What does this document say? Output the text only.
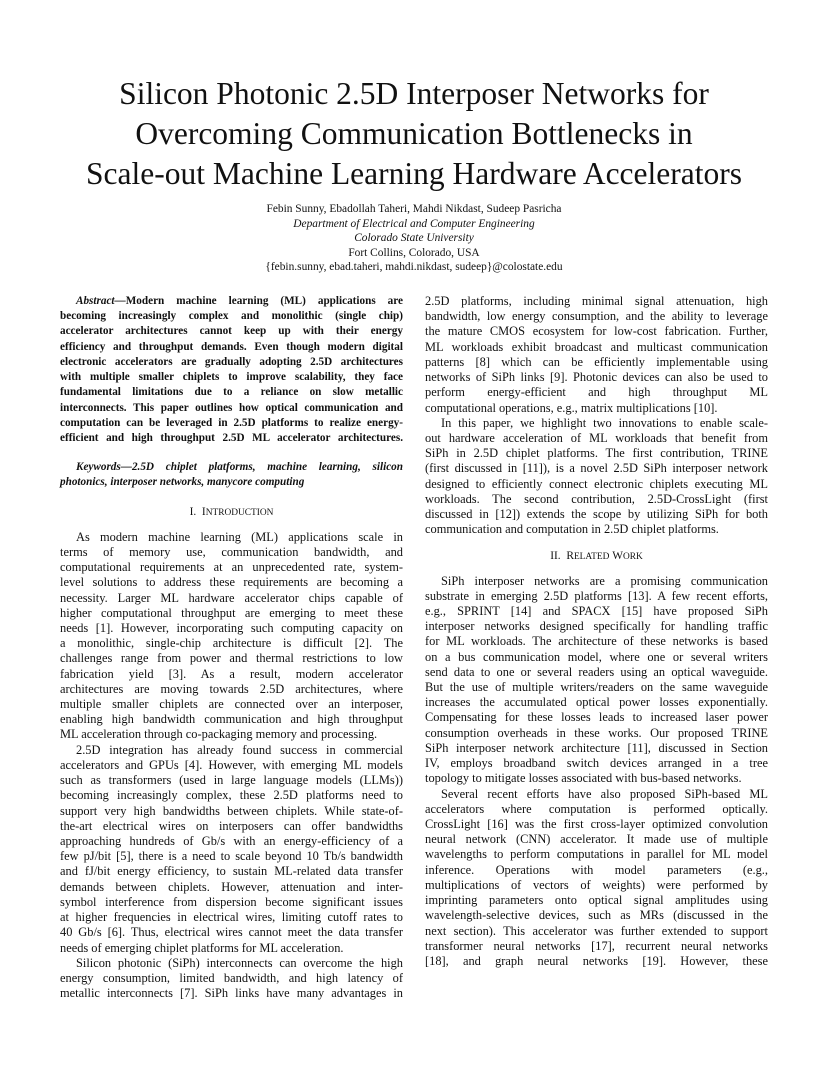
Silicon Photonic 2.5D Interposer Networks for
Overcoming Communication Bottlenecks in
Scale-out Machine Learning Hardware Accelerators
Febin Sunny, Ebadollah Taheri, Mahdi Nikdast, Sudeep Pasricha
Department of Electrical and Computer Engineering
Colorado State University
Fort Collins, Colorado, USA
{febin.sunny, ebad.taheri, mahdi.nikdast, sudeep}@colostate.edu
Abstract—Modern machine learning (ML) applications are
becoming increasingly complex and monolithic (single chip)
accelerator architectures cannot keep up with their energy
efficiency and throughput demands. Even though modern digital
electronic accelerators are gradually adopting 2.5D architectures
with multiple smaller chiplets to improve scalability, they face
fundamental limitations due to a reliance on slow metallic
interconnects. This paper outlines how optical communication and
computation can be leveraged in 2.5D platforms to realize energy-
efficient and high throughput 2.5D ML accelerator architectures.
Keywords—2.5D chiplet platforms, machine learning, silicon
photonics, interposer networks, manycore computing
I. INTRODUCTION
As modern machine learning (ML) applications scale in
terms of memory use, communication bandwidth, and
computational requirements at an unprecedented rate, system-
level solutions to address these requirements are becoming a
necessity. Larger ML hardware accelerator chips capable of
higher computational throughput are emerging to meet these
needs [1]. However, incorporating such computing capacity on
a monolithic, single-chip architecture is difficult [2]. The
challenges range from power and thermal restrictions to low
fabrication yield [3]. As a result, modern accelerator
architectures are moving towards 2.5D architectures, where
multiple smaller chiplets are connected over an interposer,
enabling high bandwidth communication and high throughput
ML acceleration through co-packaging memory and processing.
2.5D integration has already found success in commercial
accelerators and GPUs [4]. However, with emerging ML models
such as transformers (used in large language models (LLMs))
becoming increasingly complex, these 2.5D platforms need to
support very high bandwidths between chiplets. While state-of-
the-art electrical wires on interposers can offer bandwidths
approaching hundreds of Gb/s with an energy-efficiency of a
few pJ/bit [5], there is a need to scale beyond 10 Tb/s bandwidth
and fJ/bit energy efficiency, to sustain ML-related data transfer
demands between chiplets. However, attenuation and inter-
symbol interference from dispersion become significant issues
at higher frequencies in electrical wires, limiting cutoff rates to
40 Gb/s [6]. Thus, electrical wires cannot meet the data transfer
needs of emerging chiplet platforms for ML acceleration.
Silicon photonic (SiPh) interconnects can overcome the high
energy consumption, limited bandwidth, and high latency of
metallic interconnects [7]. SiPh links have many advantages in
2.5D platforms, including minimal signal attenuation, high
bandwidth, low energy consumption, and the ability to leverage
the mature CMOS ecosystem for low-cost fabrication. Further,
ML workloads exhibit broadcast and multicast communication
patterns [8] which can be efficiently implementable using
networks of SiPh links [9]. Photonic devices can also be used to
perform energy-efficient and high throughput ML
computational operations, e.g., matrix multiplications [10].
In this paper, we highlight two innovations to enable scale-
out hardware acceleration of ML workloads that benefit from
SiPh in 2.5D chiplet platforms. The first contribution, TRINE
(first discussed in [11]), is a novel 2.5D SiPh interposer network
designed to efficiently connect electronic chiplets executing ML
workloads. The second contribution, 2.5D-CrossLight (first
discussed in [12]) extends the scope by utilizing SiPh for both
communication and computation in 2.5D chiplet platforms.
II. RELATED WORK
SiPh interposer networks are a promising communication
substrate in emerging 2.5D platforms [13]. A few recent efforts,
e.g., SPRINT [14] and SPACX [15] have proposed SiPh
interposer networks designed specifically for handling traffic
for ML workloads. The architecture of these networks is based
on a bus communication model, where one or several writers
send data to one or several readers using an optical waveguide.
But the use of multiple writers/readers on the same waveguide
increases the accumulated optical power losses exponentially.
Compensating for these losses leads to increased laser power
consumption overheads in these works. Our proposed TRINE
SiPh interposer network architecture [11], discussed in Section
IV, employs broadband switch devices arranged in a tree
topology to mitigate losses associated with bus-based networks.
Several recent efforts have also proposed SiPh-based ML
accelerators where computation is performed optically.
CrossLight [16] was the first cross-layer optimized convolution
neural network (CNN) accelerator. It made use of multiple
wavelengths to perform computations in parallel for ML model
inference. Operations with model parameters (e.g.,
multiplications of vectors of weights) were performed by
imprinting parameters onto optical signal amplitudes using
wavelength-selective devices, such as MRs (discussed in the
next section). This accelerator was further extended to support
transformer neural networks [17], recurrent neural networks
[18], and graph neural networks [19]. However, these
